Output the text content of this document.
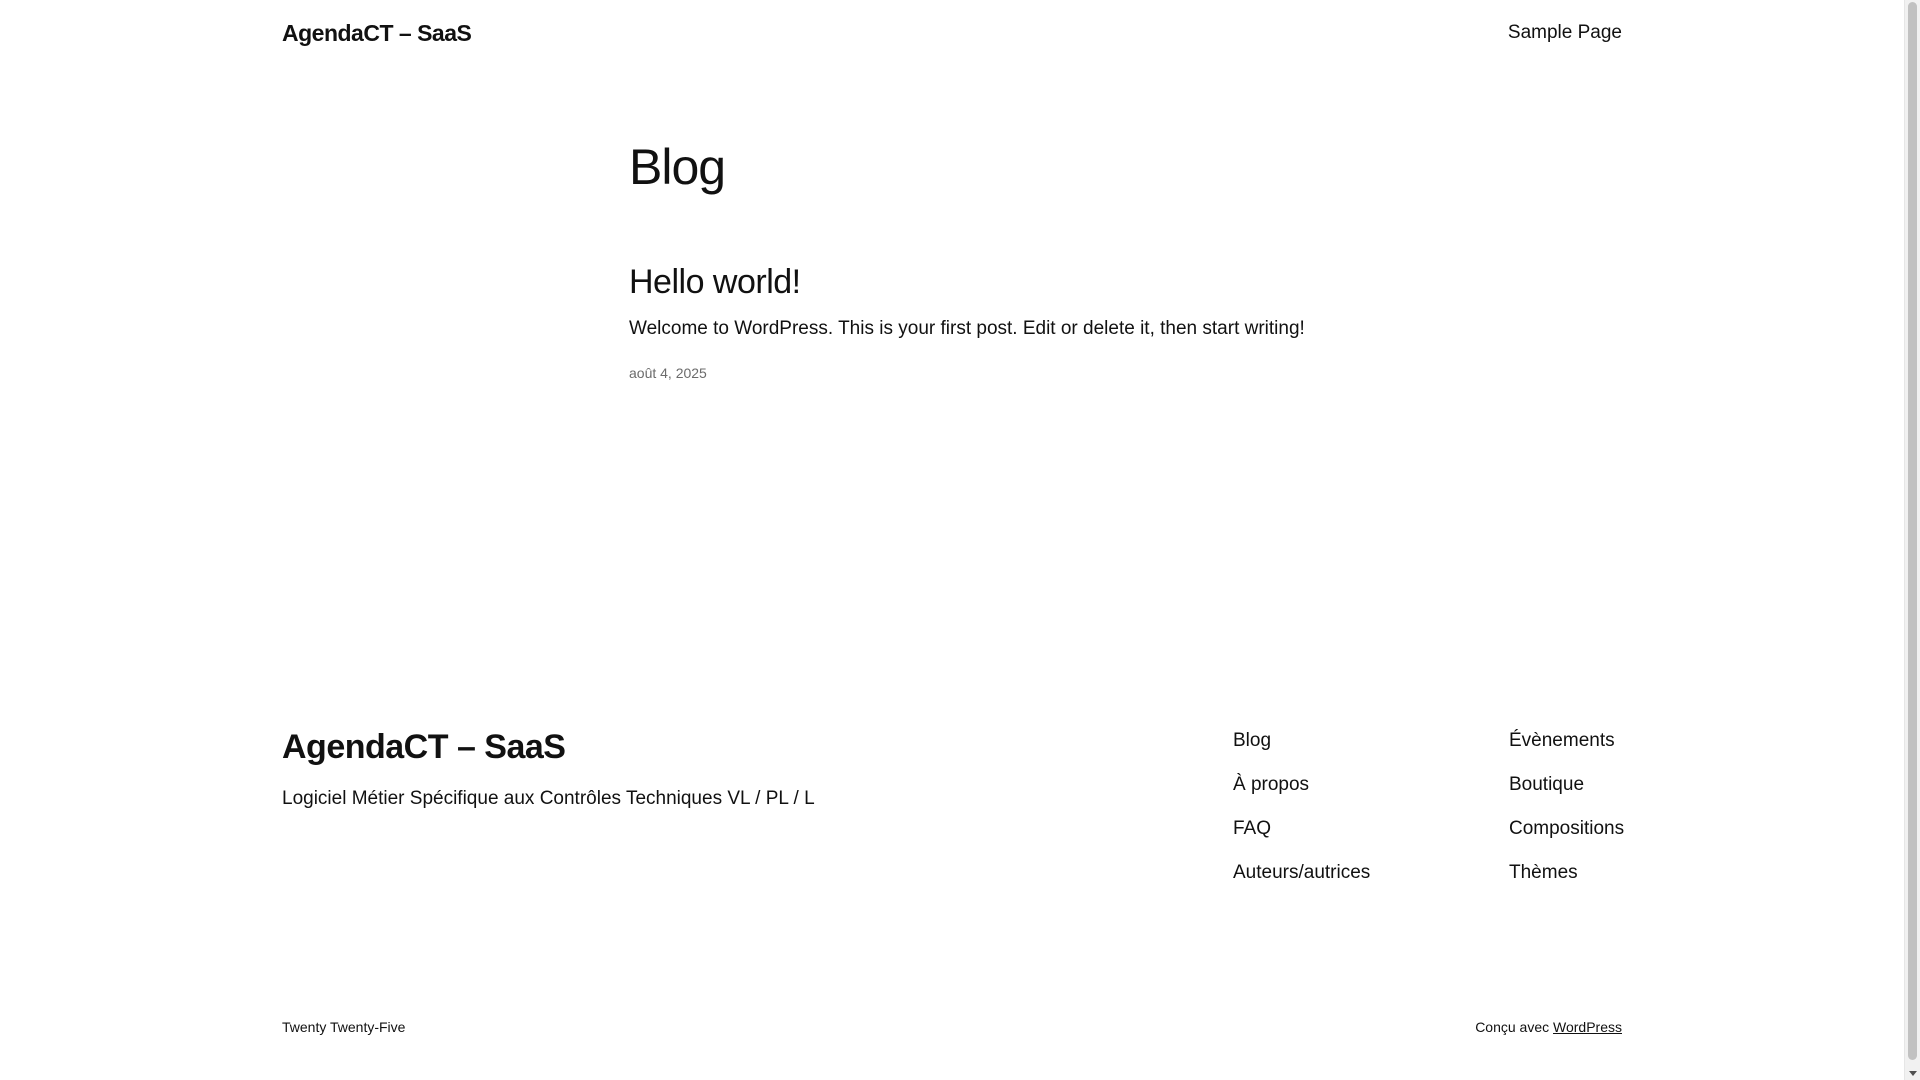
AgendaCT – SaaS	Sample Page
Blog
Hello world!

Welcome to WordPress. This is your first post. Edit or delete it, then start writing!

août 4, 2025
AgendaCT – SaaS

Logiciel Métier Spécifique aux Contrôles Techniques VL / PL / L

Blog
À propos
FAQ
Auteurs/autrices
Évènements
Boutique
Compositions
Thèmes
Twenty Twenty-Five	Conçu avec WordPress
